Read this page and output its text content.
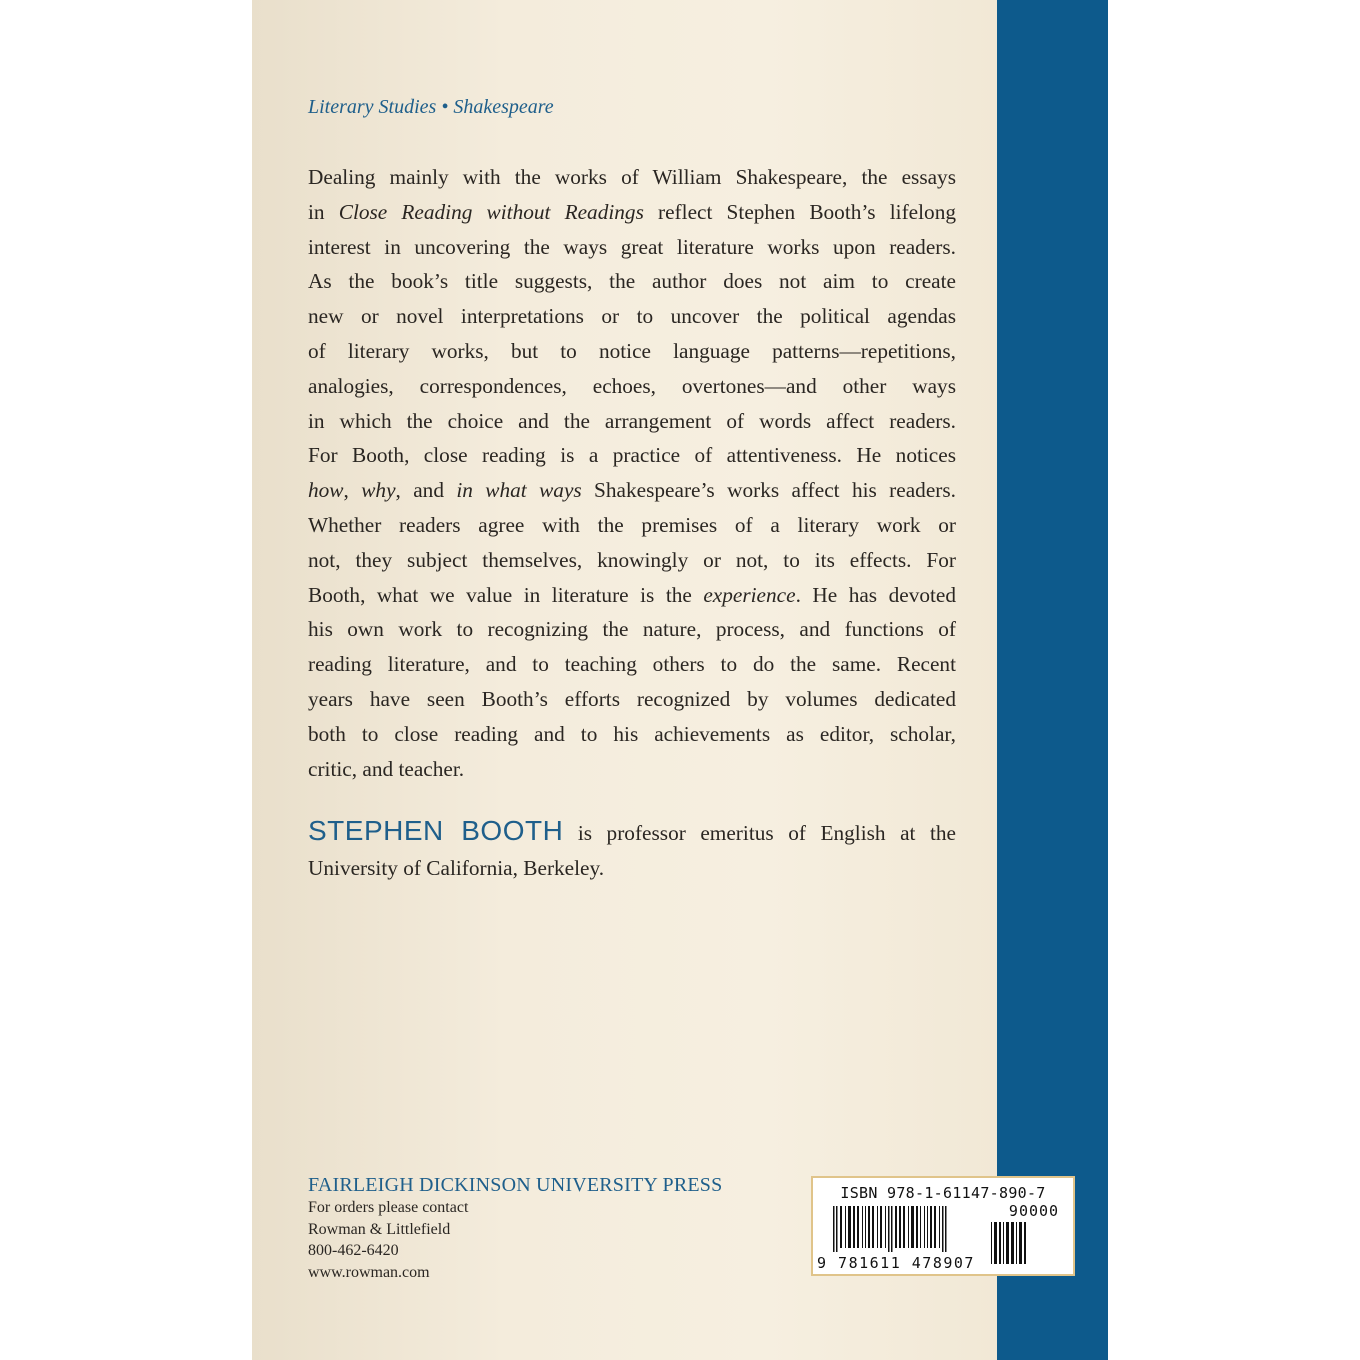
Literary Studies • Shakespeare
Dealing mainly with the works of William Shakespeare, the essays
in Close Reading without Readings reflect Stephen Booth’s lifelong
interest in uncovering the ways great literature works upon readers.
As the book’s title suggests, the author does not aim to create
new or novel interpretations or to uncover the political agendas
of literary works, but to notice language patterns—repetitions,
analogies, correspondences, echoes, overtones—and other ways
in which the choice and the arrangement of words affect readers.
For Booth, close reading is a practice of attentiveness. He notices
how, why, and in what ways Shakespeare’s works affect his readers.
Whether readers agree with the premises of a literary work or
not, they subject themselves, knowingly or not, to its effects. For
Booth, what we value in literature is the experience. He has devoted
his own work to recognizing the nature, process, and functions of
reading literature, and to teaching others to do the same. Recent
years have seen Booth’s efforts recognized by volumes dedicated
both to close reading and to his achievements as editor, scholar,
critic, and teacher.
STEPHEN BOOTH is professor emeritus of English at the
University of California, Berkeley.
FAIRLEIGH DICKINSON UNIVERSITY PRESS
For orders please contact
Rowman & Littlefield
800-462-6420
www.rowman.com
ISBN 978-1-61147-890-7
90000
9 781611 478907
